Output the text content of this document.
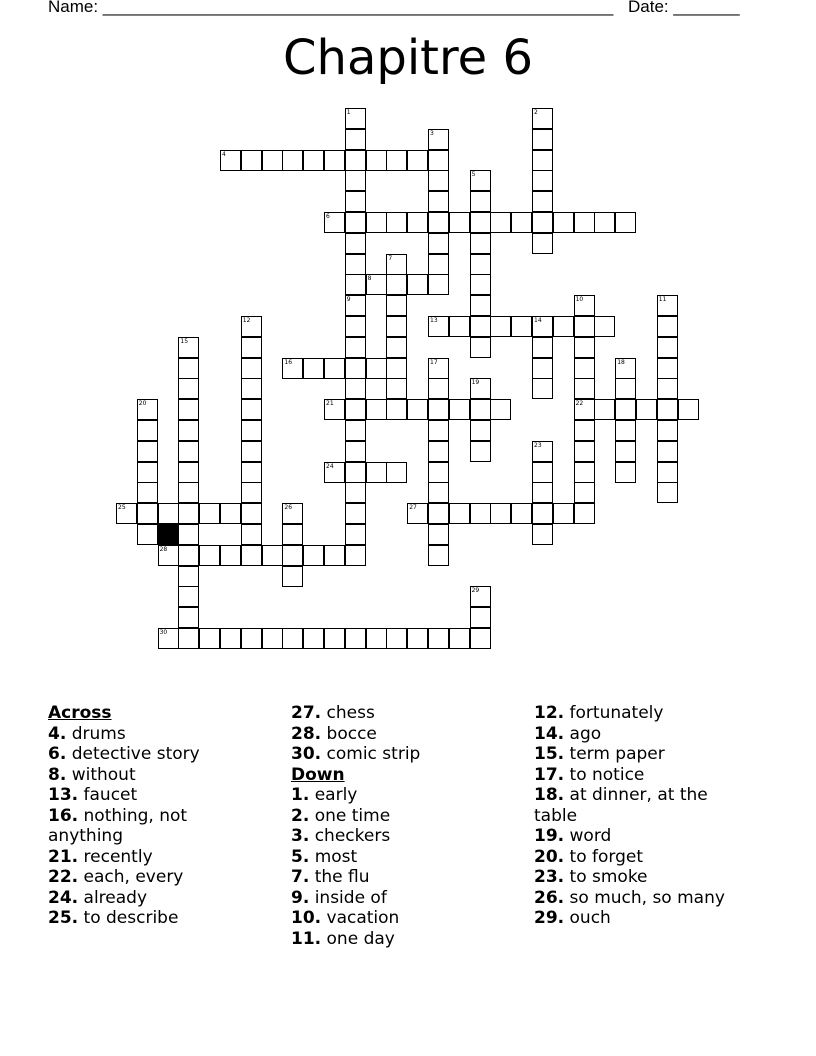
Name: ______________________________________________________ Date: _______
Chapitre 6
1	2
3
4
5
6
7
8
9	10	11
12	13	14
15
16	17	18
19
20	21	22
23
24
25	26	27
28
29
30
Across
4. drums
6. detective story
8. without
13. faucet
16. nothing, not anything
21. recently
22. each, every
24. already
25. to describe
27. chess
28. bocce
30. comic strip
Down
1. early
2. one time
3. checkers
5. most
7. the flu
9. inside of
10. vacation
11. one day
12. fortunately
14. ago
15. term paper
17. to notice
18. at dinner, at the table
19. word
20. to forget
23. to smoke
26. so much, so many
29. ouch
